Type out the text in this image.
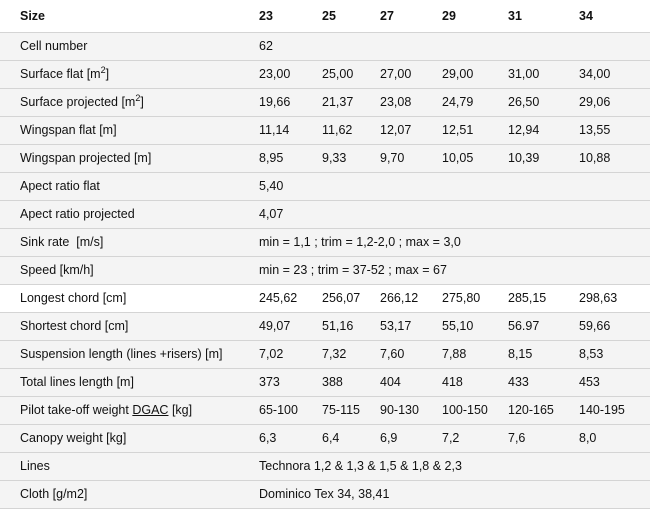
Size	23	25	27	29	31	34
Cell number	62					
Surface flat $[m^2]$	23,00	25,00	27,00	29,00	31,00	34,00
Surface projected $[m^2]$	19,66	21,37	23,08	24,79	26,50	29,06
Wingspan flat [m]	11,14	11,62	12,07	12,51	12,94	13,55
Wingspan projected [m]	8,95	9,33	9,70	10,05	10,39	10,88
Apect ratio flat	5,40					
Apect ratio projected	4,07					
Sink rate  [m/s]	min = 1,1 ; trim = 1,2-2,0 ; max = 3,0					
Speed [km/h]	min = 23 ; trim = 37-52 ; max = 67					
Longest chord [cm]	245,62	256,07	266,12	275,80	285,15	298,63
Shortest chord [cm]	49,07	51,16	53,17	55,10	56.97	59,66
Suspension length (lines +risers) [m]	7,02	7,32	7,60	7,88	8,15	8,53
Total lines length [m]	373	388	404	418	433	453
Pilot take-off weight DGAC [kg]	65-100	75-115	90-130	100-150	120-165	140-195
Canopy weight [kg]	6,3	6,4	6,9	7,2	7,6	8,0
Lines	Technora 1,2 & 1,3 & 1,5 & 1,8 & 2,3					
Cloth [g/m2]	Dominico Tex 34, 38,41					
